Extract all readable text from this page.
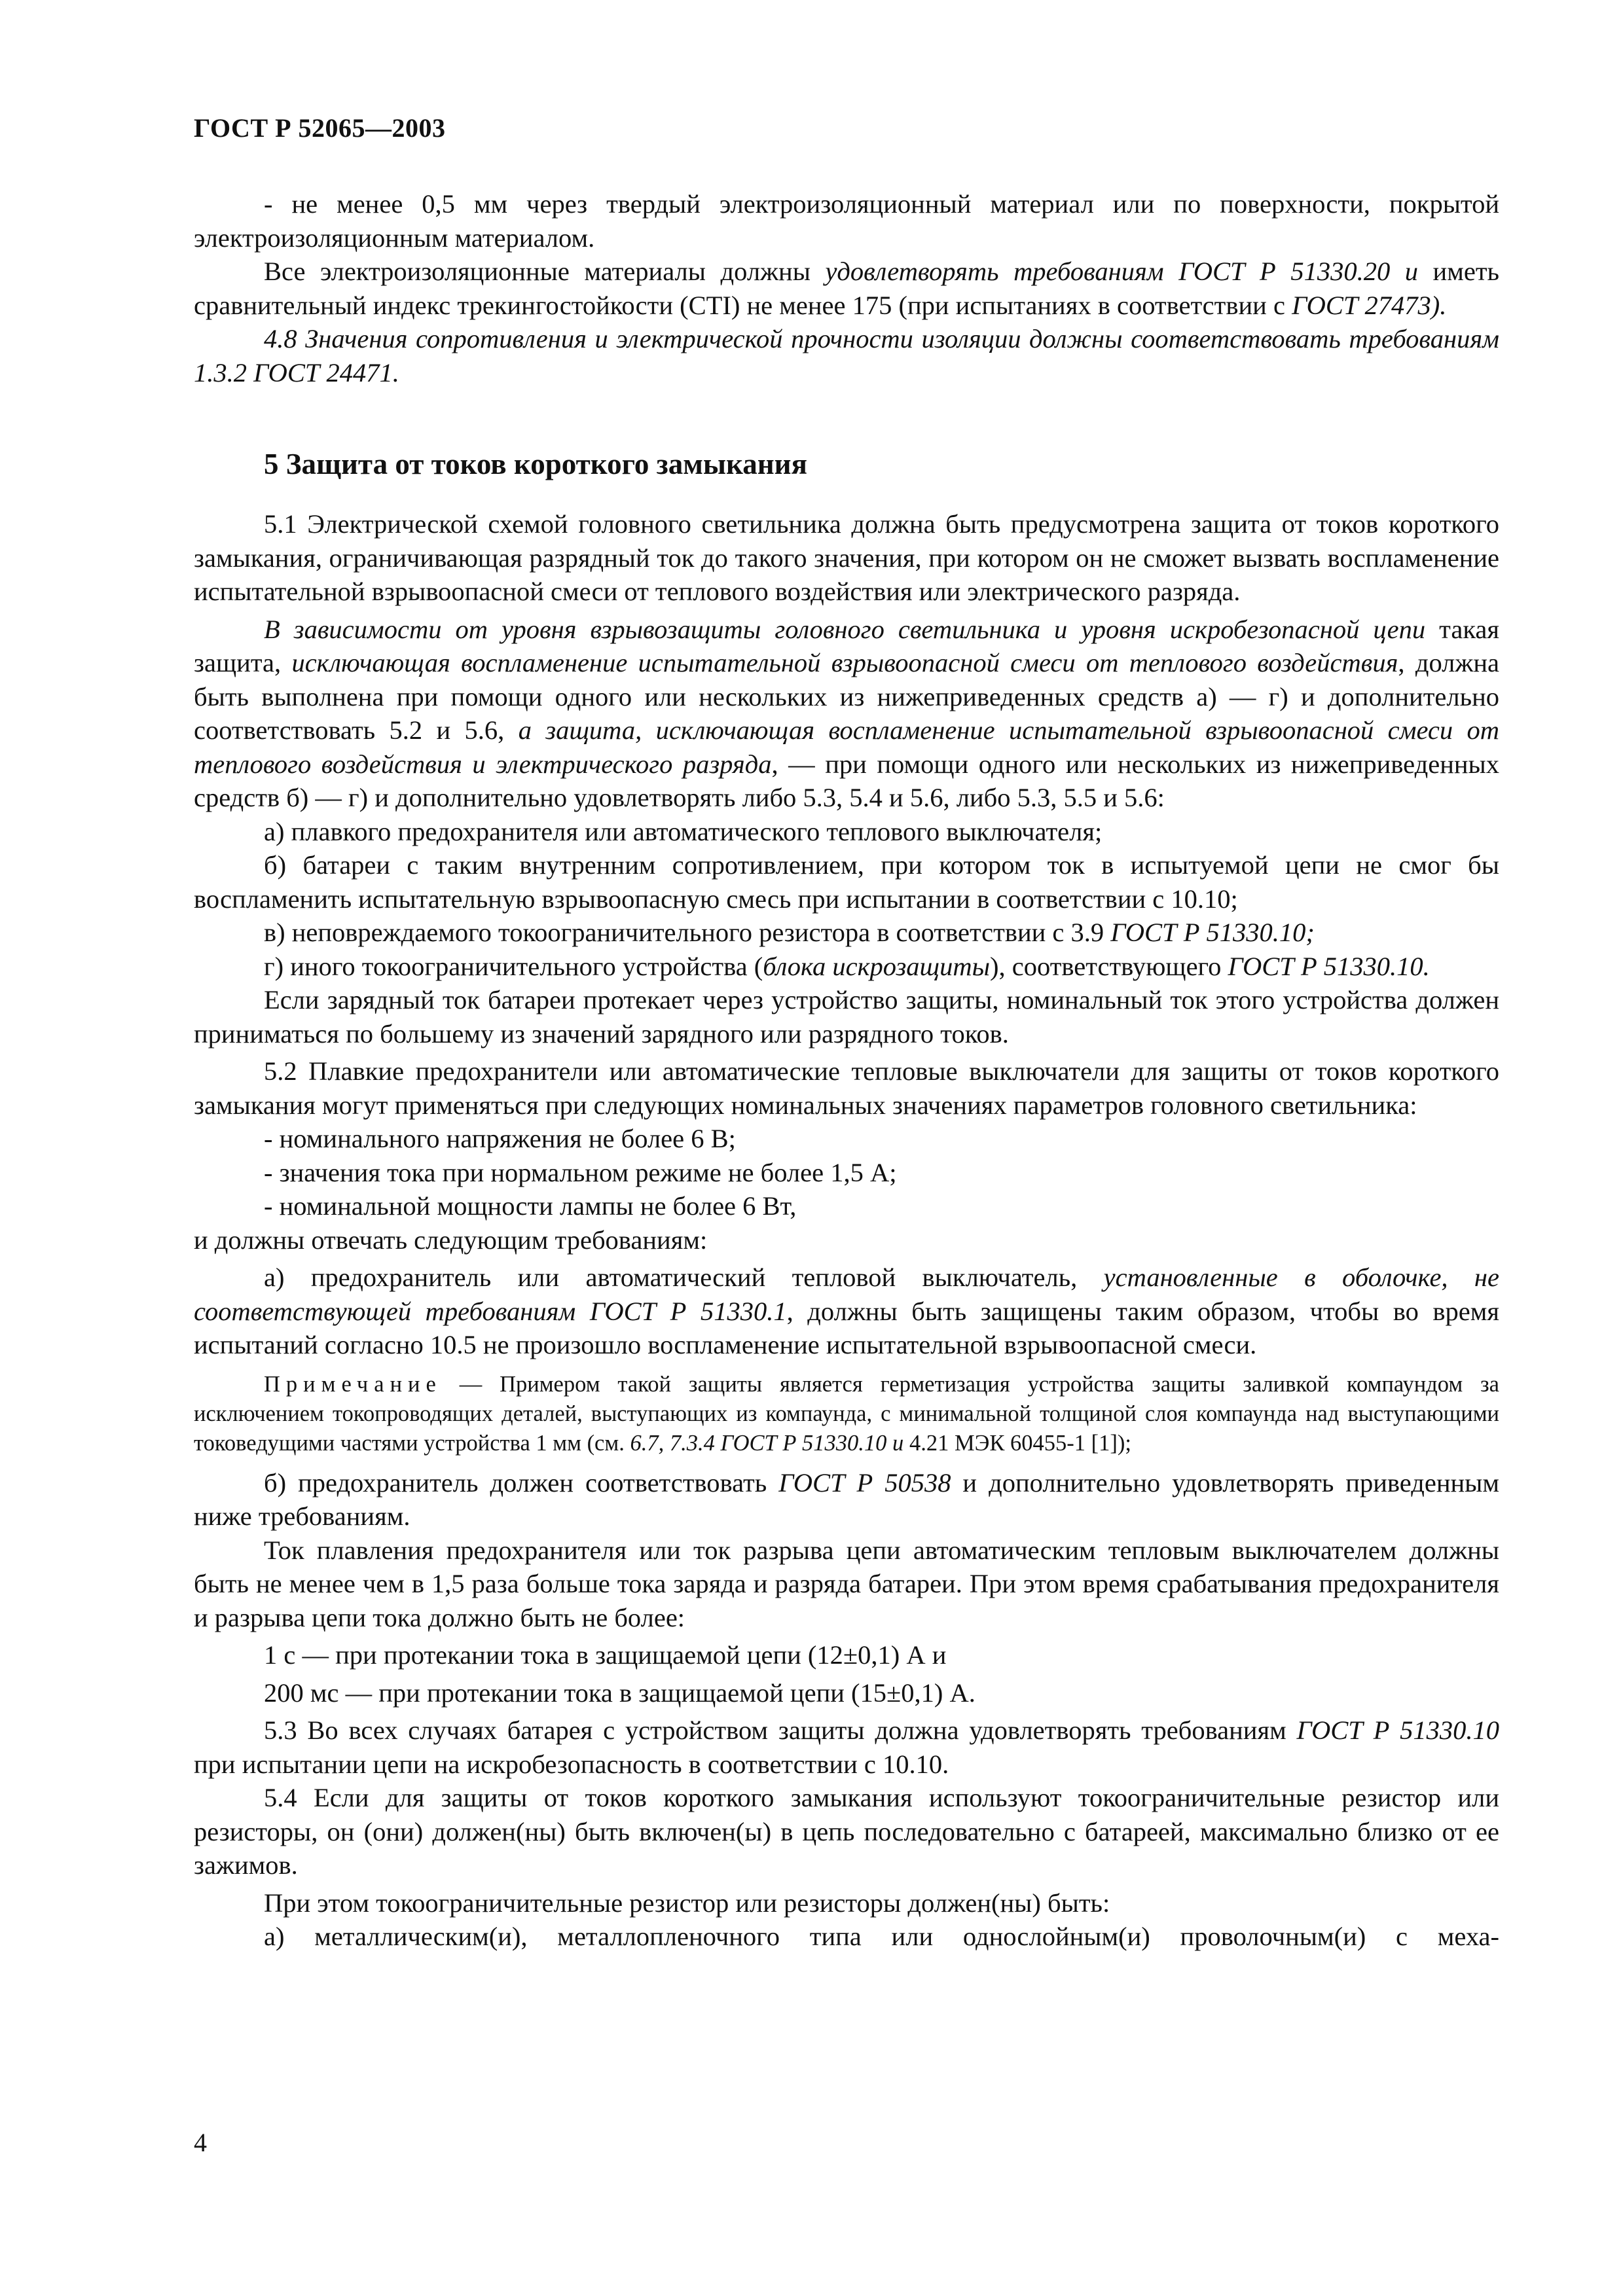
ГОСТ Р 52065—2003

- не менее 0,5 мм через твердый электроизоляционный материал или по поверхности, покрытой электроизоляционным материалом.

Все электроизоляционные материалы должны удовлетворять требованиям ГОСТ Р 51330.20 и иметь сравнительный индекс трекингостойкости (CTI) не менее 175 (при испытаниях в соответствии с ГОСТ 27473).

4.8 Значения сопротивления и электрической прочности изоляции должны соответствовать требованиям 1.3.2 ГОСТ 24471.

5 Защита от токов короткого замыкания

5.1 Электрической схемой головного светильника должна быть предусмотрена защита от токов короткого замыкания, ограничивающая разрядный ток до такого значения, при котором он не сможет вызвать воспламенение испытательной взрывоопасной смеси от теплового воздействия или электрического разряда.

В зависимости от уровня взрывозащиты головного светильника и уровня искробезопасной цепи такая защита, исключающая воспламенение испытательной взрывоопасной смеси от теплового воздействия, должна быть выполнена при помощи одного или нескольких из нижеприведенных средств а) — г) и дополнительно соответствовать 5.2 и 5.6, а защита, исключающая воспламенение испытательной взрывоопасной смеси от теплового воздействия и электрического разряда, — при помощи одного или нескольких из нижеприведенных средств б) — г) и дополнительно удовлетворять либо 5.3, 5.4 и 5.6, либо 5.3, 5.5 и 5.6:

а) плавкого предохранителя или автоматического теплового выключателя;

б) батареи с таким внутренним сопротивлением, при котором ток в испытуемой цепи не смог бы воспламенить испытательную взрывоопасную смесь при испытании в соответствии с 10.10;

в) неповреждаемого токоограничительного резистора в соответствии с 3.9 ГОСТ Р 51330.10;

г) иного токоограничительного устройства (блока искрозащиты), соответствующего ГОСТ Р 51330.10.

Если зарядный ток батареи протекает через устройство защиты, номинальный ток этого устройства должен приниматься по большему из значений зарядного или разрядного токов.

5.2 Плавкие предохранители или автоматические тепловые выключатели для защиты от токов короткого замыкания могут применяться при следующих номинальных значениях параметров головного светильника:

- номинального напряжения не более 6 В;

- значения тока при нормальном режиме не более 1,5 А;

- номинальной мощности лампы не более 6 Вт,

и должны отвечать следующим требованиям:

а) предохранитель или автоматический тепловой выключатель, установленные в оболочке, не соответствующей требованиям ГОСТ Р 51330.1, должны быть защищены таким образом, чтобы во время испытаний согласно 10.5 не произошло воспламенение испытательной взрывоопасной смеси.

Примечание — Примером такой защиты является герметизация устройства защиты заливкой компаундом за исключением токопроводящих деталей, выступающих из компаунда, с минимальной толщиной слоя компаунда над выступающими токоведущими частями устройства 1 мм (см. 6.7, 7.3.4 ГОСТ Р 51330.10 и 4.21 МЭК 60455-1 [1]);

б) предохранитель должен соответствовать ГОСТ Р 50538 и дополнительно удовлетворять приведенным ниже требованиям.

Ток плавления предохранителя или ток разрыва цепи автоматическим тепловым выключателем должны быть не менее чем в 1,5 раза больше тока заряда и разряда батареи. При этом время срабатывания предохранителя и разрыва цепи тока должно быть не более:

1 с — при протекании тока в защищаемой цепи (12±0,1) А и

200 мс — при протекании тока в защищаемой цепи (15±0,1) А.

5.3 Во всех случаях батарея с устройством защиты должна удовлетворять требованиям ГОСТ Р 51330.10 при испытании цепи на искробезопасность в соответствии с 10.10.

5.4 Если для защиты от токов короткого замыкания используют токоограничительные резистор или резисторы, он (они) должен(ны) быть включен(ы) в цепь последовательно с батареей, максимально близко от ее зажимов.

При этом токоограничительные резистор или резисторы должен(ны) быть:

а) металлическим(и), металлопленочного типа или однослойным(и) проволочным(и) с меха-

4
